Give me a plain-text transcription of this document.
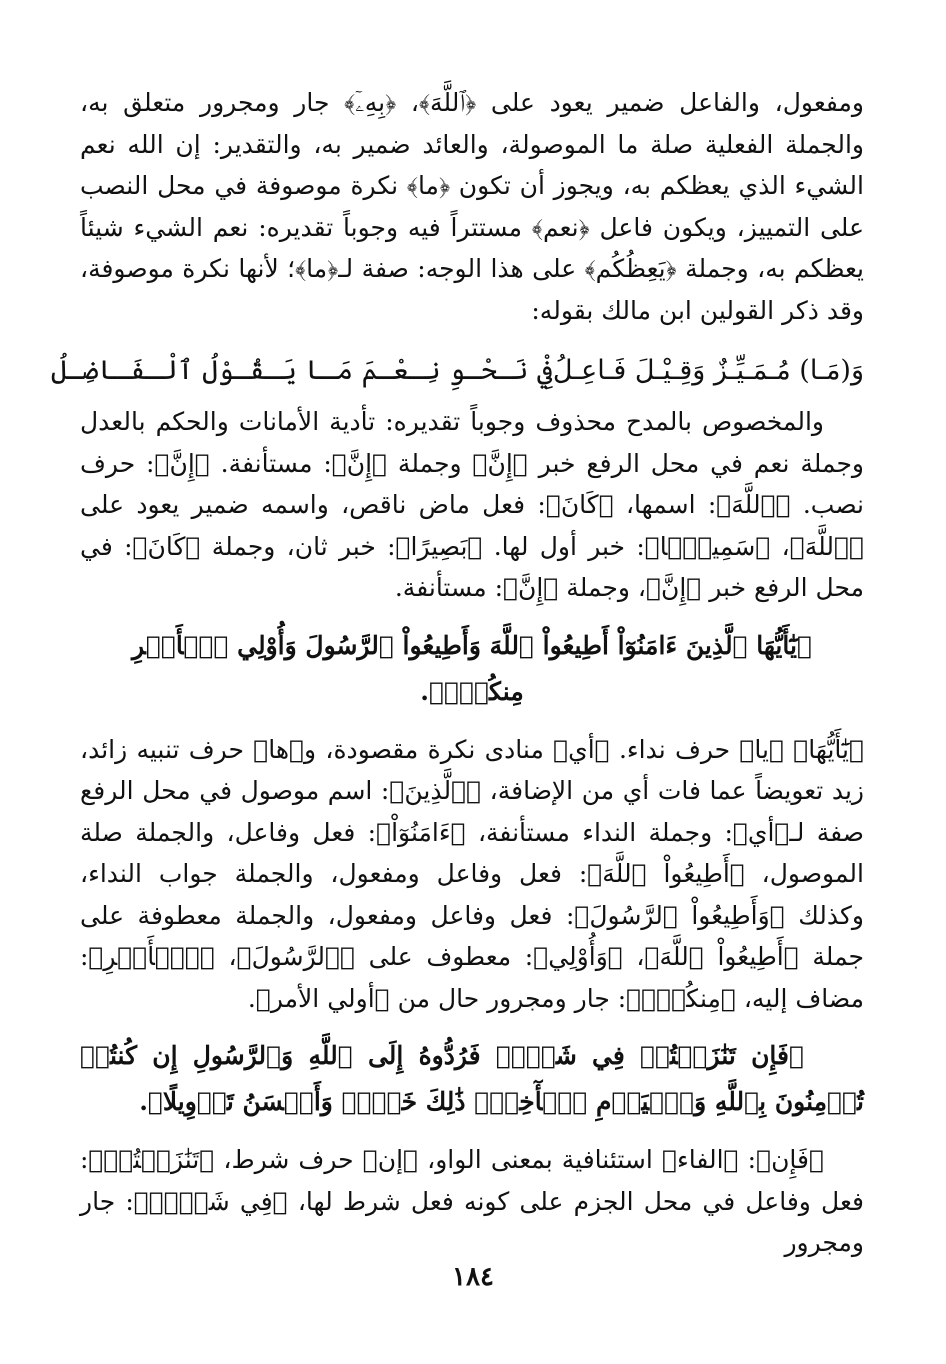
ومفعول، والفاعل ضمير يعود على ﴿ٱللَّهَ﴾، ﴿بِهِۦٓ﴾ جار ومجرور متعلق به، والجملة الفعلية صلة ما الموصولة، والعائد ضمير به، والتقدير: إن الله نعم الشيء الذي يعظكم به، ويجوز أن تكون ﴿ما﴾ نكرة موصوفة في محل النصب على التمييز، ويكون فاعل ﴿نعم﴾ مستتراً فيه وجوباً تقديره: نعم الشيء شيئاً يعظكم به، وجملة ﴿يَعِظُكُم﴾ على هذا الوجه: صفة لـ﴿ما﴾؛ لأنها نكرة موصوفة، وقد ذكر القولين ابن مالك بقوله:

وَ(مَـا) مُـمَـيِّـزٌ وَقِـيْـلَ فَـاعِـلُ
فِيْ نَـحْـوِ نِـعْـمَ مَـا يَـقُـوْلُ ٱلْـفَـاضِـلُ

والمخصوص بالمدح محذوف وجوباً تقديره: تأدية الأمانات والحكم بالعدل وجملة نعم في محل الرفع خبر ﴿إِنَّ﴾ وجملة ﴿إِنَّ﴾: مستأنفة. ﴿إِنَّ﴾: حرف نصب. ﴿ٱللَّهَ﴾: اسمها، ﴿كَانَ﴾: فعل ماض ناقص، واسمه ضمير يعود على ﴿ٱللَّهَ﴾، ﴿سَمِيعًۢا﴾: خبر أول لها. ﴿بَصِيرًا﴾: خبر ثان، وجملة ﴿كَانَ﴾: في محل الرفع خبر ﴿إِنَّ﴾، وجملة ﴿إِنَّ﴾: مستأنفة.

﴿يَٰٓأَيُّهَا ٱلَّذِينَ ءَامَنُوٓاْ أَطِيعُواْ ٱللَّهَ وَأَطِيعُواْ ٱلرَّسُولَ وَأُوْلِي ٱلۡأَمۡرِ مِنكُمۡۖ﴾.

﴿يَٰٓأَيُّهَا﴾ ﴿يا﴾ حرف نداء. ﴿أي﴾ منادى نكرة مقصودة، و﴿ها﴾ حرف تنبيه زائد، زيد تعويضاً عما فات أي من الإضافة، ﴿ٱلَّذِينَ﴾: اسم موصول في محل الرفع صفة لـ﴿أي﴾: وجملة النداء مستأنفة، ﴿ءَامَنُوٓاْ﴾: فعل وفاعل، والجملة صلة الموصول، ﴿أَطِيعُواْ ٱللَّهَ﴾: فعل وفاعل ومفعول، والجملة جواب النداء، وكذلك ﴿وَأَطِيعُواْ ٱلرَّسُولَ﴾: فعل وفاعل ومفعول، والجملة معطوفة على جملة ﴿أَطِيعُواْ ٱللَّهَ﴾، ﴿وَأُوْلِي﴾: معطوف على ﴿ٱلرَّسُولَ﴾، ﴿ٱلۡأَمۡرِ﴾: مضاف إليه، ﴿مِنكُمۡۖ﴾: جار ومجرور حال من ﴿أولي الأمر﴾.

﴿فَإِن تَنَٰزَعۡتُمۡ فِي شَيۡءٖ فَرُدُّوهُ إِلَى ٱللَّهِ وَٱلرَّسُولِ إِن كُنتُمۡ تُؤۡمِنُونَ بِٱللَّهِ وَٱلۡيَوۡمِ ٱلۡأٓخِرِۚ ذَٰلِكَ خَيۡرٞ وَأَحۡسَنُ تَأۡوِيلًا﴾.

﴿فَإِن﴾: ﴿الفاء﴾ استئنافية بمعنى الواو، ﴿إن﴾ حرف شرط، ﴿تَنَٰزَعۡتُمۡ﴾: فعل وفاعل في محل الجزم على كونه فعل شرط لها، ﴿فِي شَيۡءٖ﴾: جار ومجرور

١٨٤
